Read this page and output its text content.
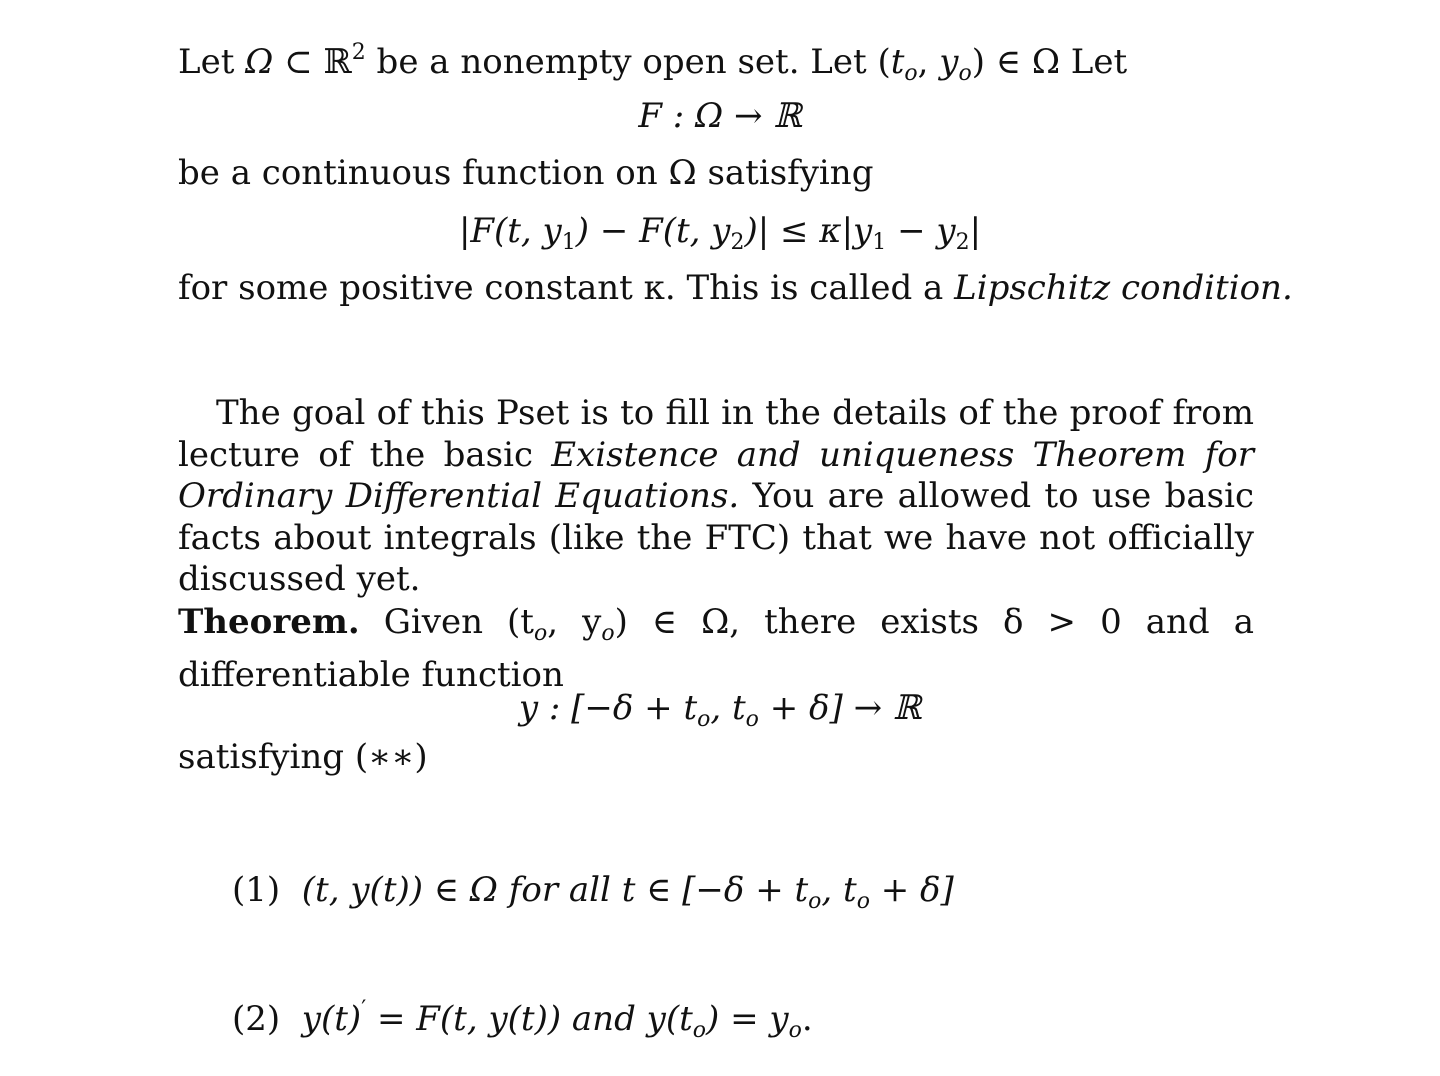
Let Ω ⊂ ℝ$^2$ be a nonempty open set. Let ($t_o$, $y_o$) ∈ Ω Let
F : Ω → ℝ
be a continuous function on Ω satisfying
|F(t, $y_1) - F(t$, $y_2)| \le \kappa|y_1 - y_2|$
for some positive constant κ. This is called a Lipschitz condition.
The goal of this Pset is to fill in the details of the proof from lecture of the basic Existence and uniqueness Theorem for Ordinary Differential Equations. You are allowed to use basic facts about integrals (like the FTC) that we have not officially discussed yet.
Theorem. Given ($t_o$, $y_o$) ∈ Ω, there exists δ > 0 and a differentiable function
y : [$-\delta + t_o$, $t_o + \delta$] → ℝ
satisfying (∗∗)
(1) (t, y(t)) ∈ Ω for all t ∈ [$-\delta + t_o$, $t_o + \delta$]
(2) y(t)′ = F(t, y(t)) and $y(t_o) = y_o$.
